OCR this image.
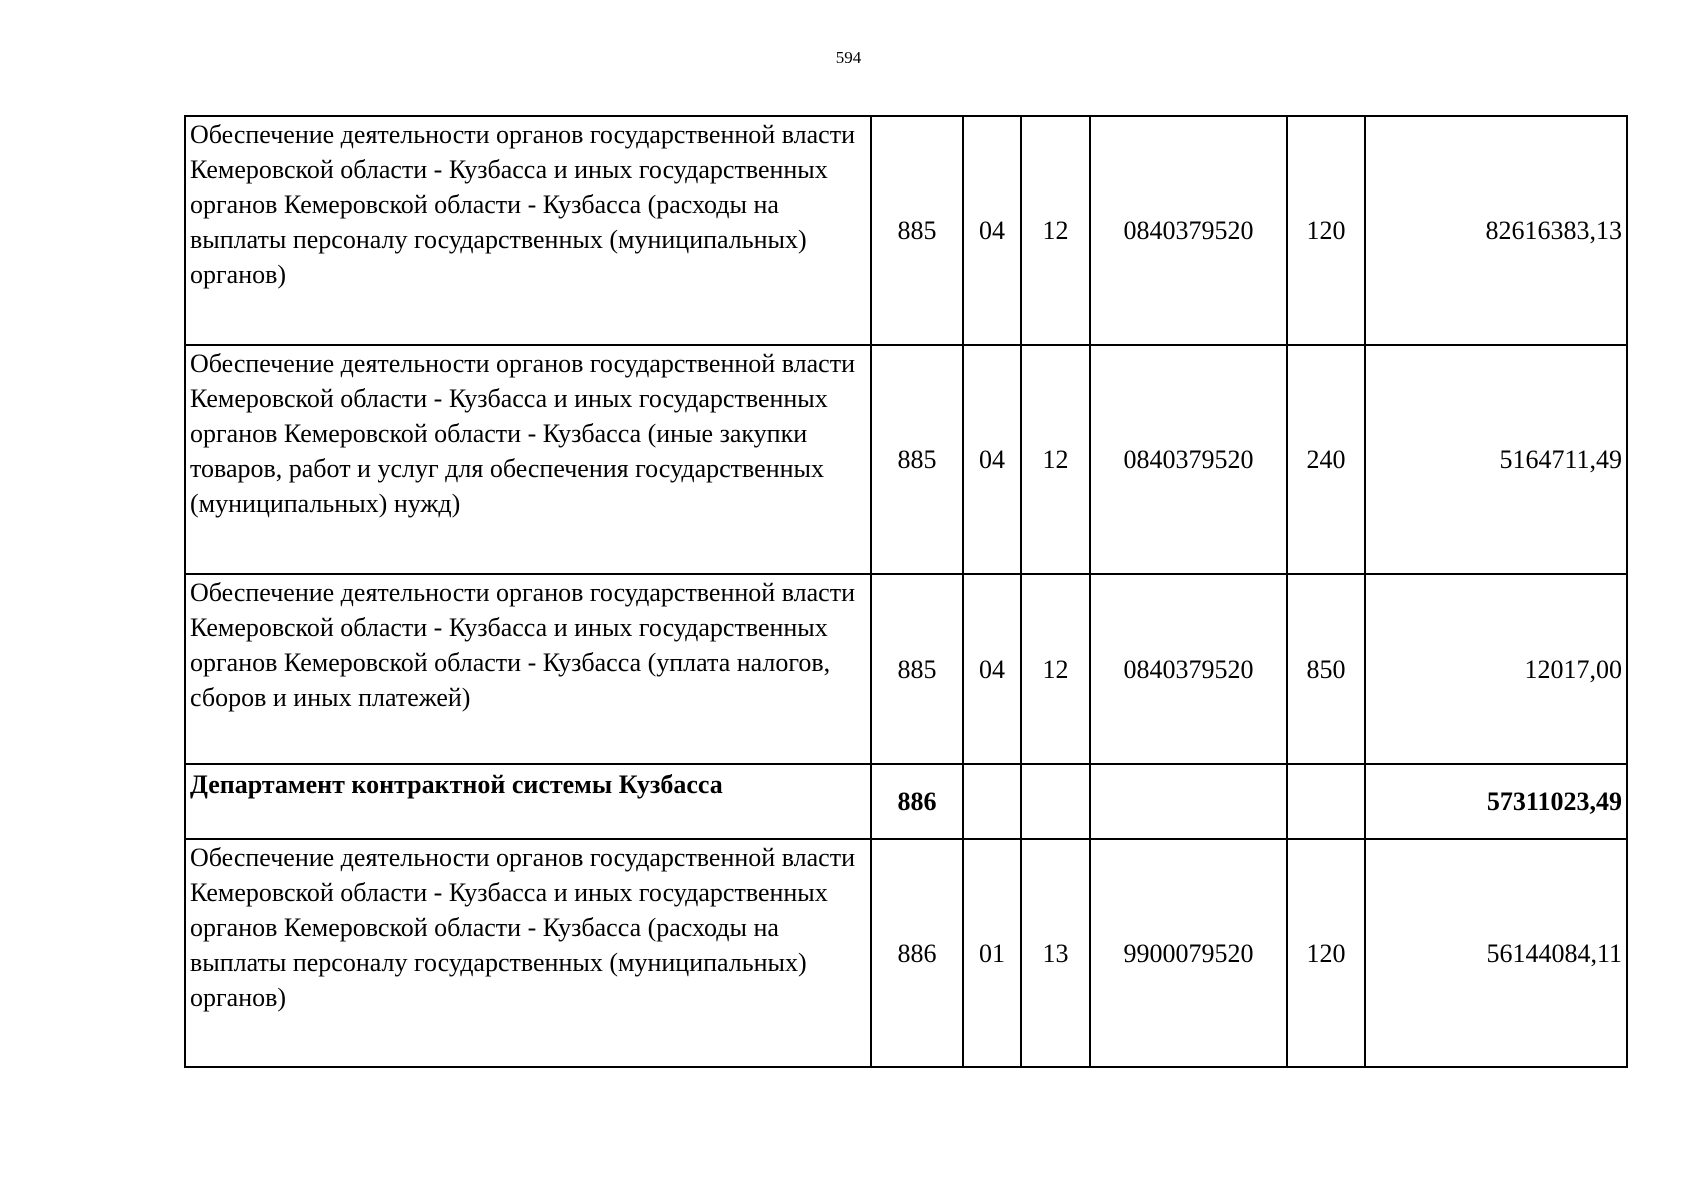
594
Обеспечение деятельности органов государственной власти Кемеровской области - Кузбасса и иных государственных органов Кемеровской области - Кузбасса (расходы на выплаты персоналу государственных (муниципальных) органов)	885	04	12	0840379520	120	82616383,13
Обеспечение деятельности органов государственной власти Кемеровской области - Кузбасса и иных государственных органов Кемеровской области - Кузбасса (иные закупки товаров, работ и услуг для обеспечения государственных (муниципальных) нужд)	885	04	12	0840379520	240	5164711,49
Обеспечение деятельности органов государственной власти Кемеровской области - Кузбасса и иных государственных органов Кемеровской области - Кузбасса (уплата налогов, сборов и иных платежей)	885	04	12	0840379520	850	12017,00
Департамент контрактной системы Кузбасса	886					57311023,49
Обеспечение деятельности органов государственной власти Кемеровской области - Кузбасса и иных государственных органов Кемеровской области - Кузбасса (расходы на выплаты персоналу государственных (муниципальных) органов)	886	01	13	9900079520	120	56144084,11
